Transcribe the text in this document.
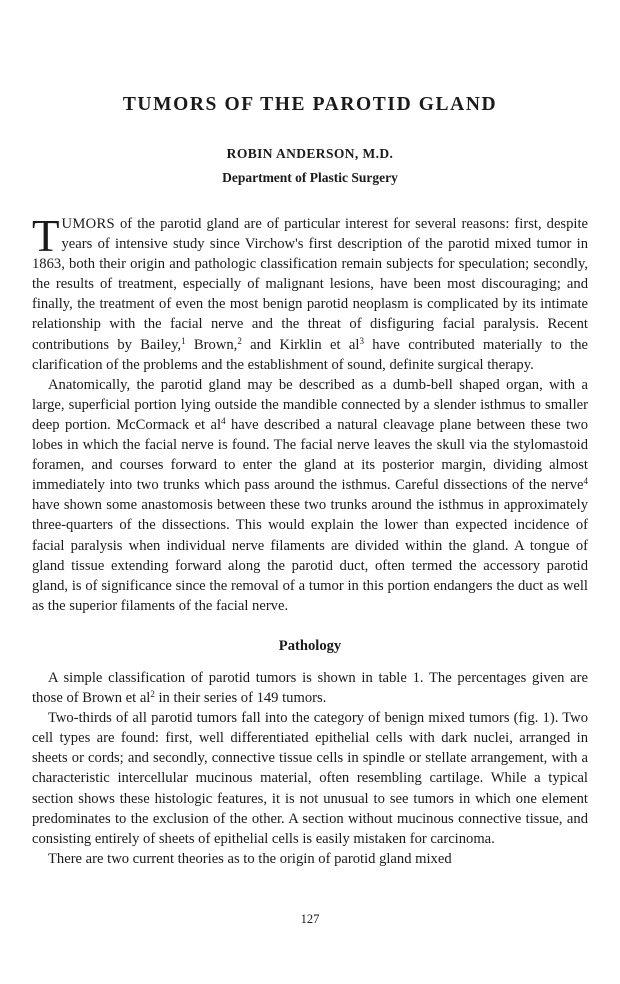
TUMORS OF THE PAROTID GLAND

ROBIN ANDERSON, M.D.

Department of Plastic Surgery

TUMORS of the parotid gland are of particular interest for several reasons: first, despite years of intensive study since Virchow's first description of the parotid mixed tumor in 1863, both their origin and pathologic classification remain subjects for speculation; secondly, the results of treatment, especially of malignant lesions, have been most discouraging; and finally, the treatment of even the most benign parotid neoplasm is complicated by its intimate relationship with the facial nerve and the threat of disfiguring facial paralysis. Recent contributions by Bailey,$^1$ Brown,$^2$ and Kirklin et $al^3$ have contributed materially to the clarification of the problems and the establishment of sound, definite surgical therapy.

Anatomically, the parotid gland may be described as a dumb-bell shaped organ, with a large, superficial portion lying outside the mandible connected by a slender isthmus to smaller deep portion. McCormack et $al^4$ have described a natural cleavage plane between these two lobes in which the facial nerve is found. The facial nerve leaves the skull via the stylomastoid foramen, and courses forward to enter the gland at its posterior margin, dividing almost immediately into two trunks which pass around the isthmus. Careful dissections of the nerve$^4$ have shown some anastomosis between these two trunks around the isthmus in approximately three-quarters of the dissections. This would explain the lower than expected incidence of facial paralysis when individual nerve filaments are divided within the gland. A tongue of gland tissue extending forward along the parotid duct, often termed the accessory parotid gland, is of significance since the removal of a tumor in this portion endangers the duct as well as the superior filaments of the facial nerve.

Pathology

A simple classification of parotid tumors is shown in table 1. The percentages given are those of Brown et $al^2$ in their series of 149 tumors.

Two-thirds of all parotid tumors fall into the category of benign mixed tumors (fig. 1). Two cell types are found: first, well differentiated epithelial cells with dark nuclei, arranged in sheets or cords; and secondly, connective tissue cells in spindle or stellate arrangement, with a characteristic intercellular mucinous material, often resembling cartilage. While a typical section shows these histologic features, it is not unusual to see tumors in which one element predominates to the exclusion of the other. A section without mucinous connective tissue, and consisting entirely of sheets of epithelial cells is easily mistaken for carcinoma.

There are two current theories as to the origin of parotid gland mixed

127
